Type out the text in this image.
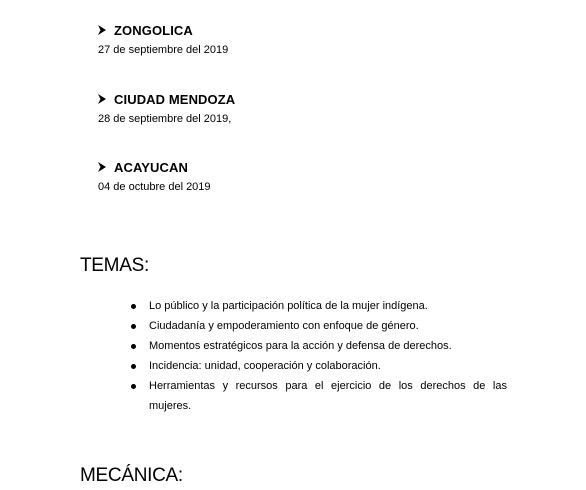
ZONGOLICA
27 de septiembre del 2019
CIUDAD MENDOZA
28 de septiembre del 2019,
ACAYUCAN
04 de octubre del 2019
TEMAS:
Lo público y la participación política de la mujer indígena.
Ciudadanía y empoderamiento con enfoque de género.
Momentos estratégicos para la acción y defensa de derechos.
Incidencia: unidad, cooperación y colaboración.
Herramientas y recursos para el ejercicio de los derechos de las mujeres.
MECÁNICA:
